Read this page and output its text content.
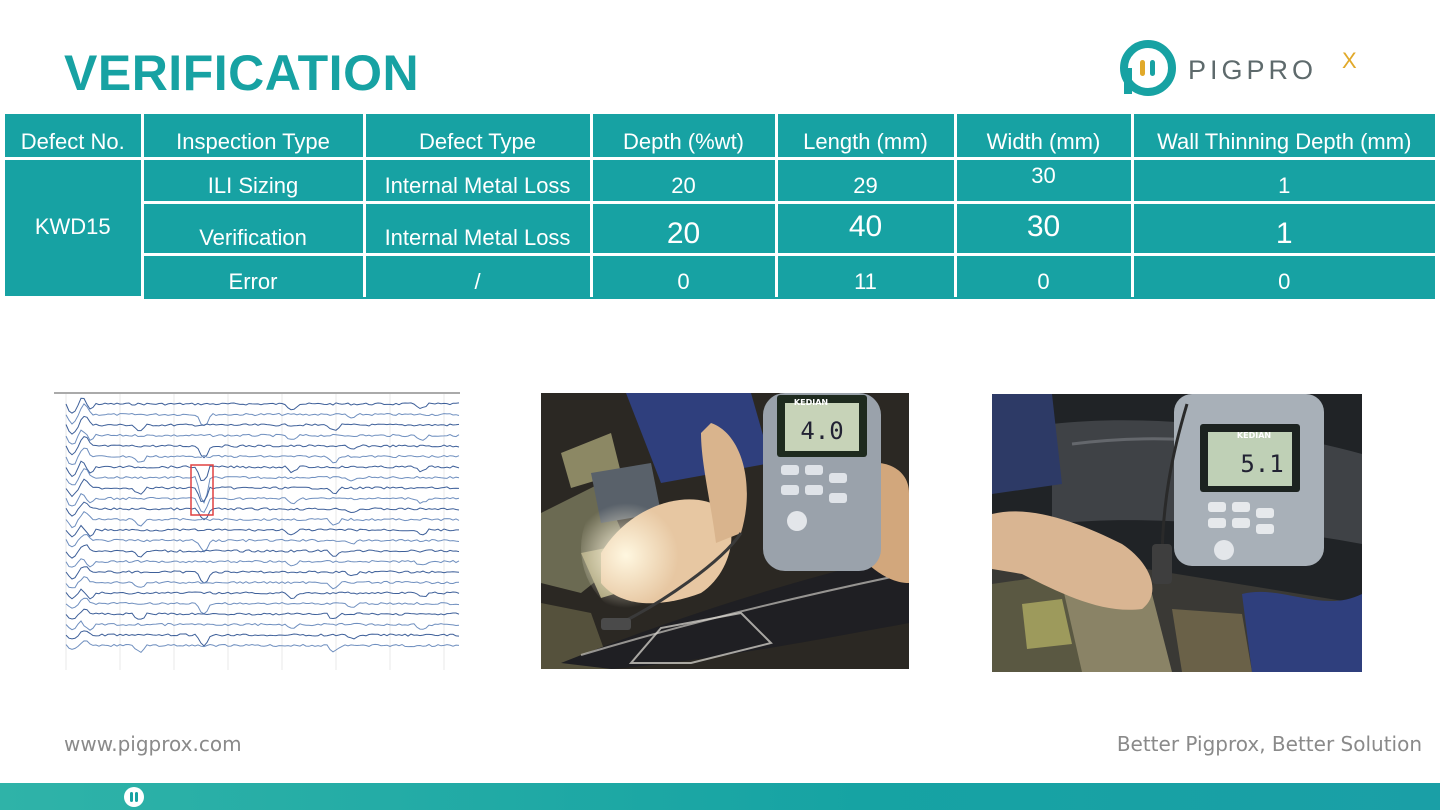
VERIFICATION	PIGPRO X
Defect No.	Inspection Type	Defect Type	Depth (%wt)	Length (mm)	Width (mm)	Wall Thinning Depth (mm)
KWD15	ILI Sizing	Internal Metal Loss	20	29	30	1
	Verification	Internal Metal Loss	20	40	30	1
	Error	/	0	11	0	0
4.0
KEDIAN
5.1
KEDIAN
www.pigprox.com	Better Pigprox, Better Solution
